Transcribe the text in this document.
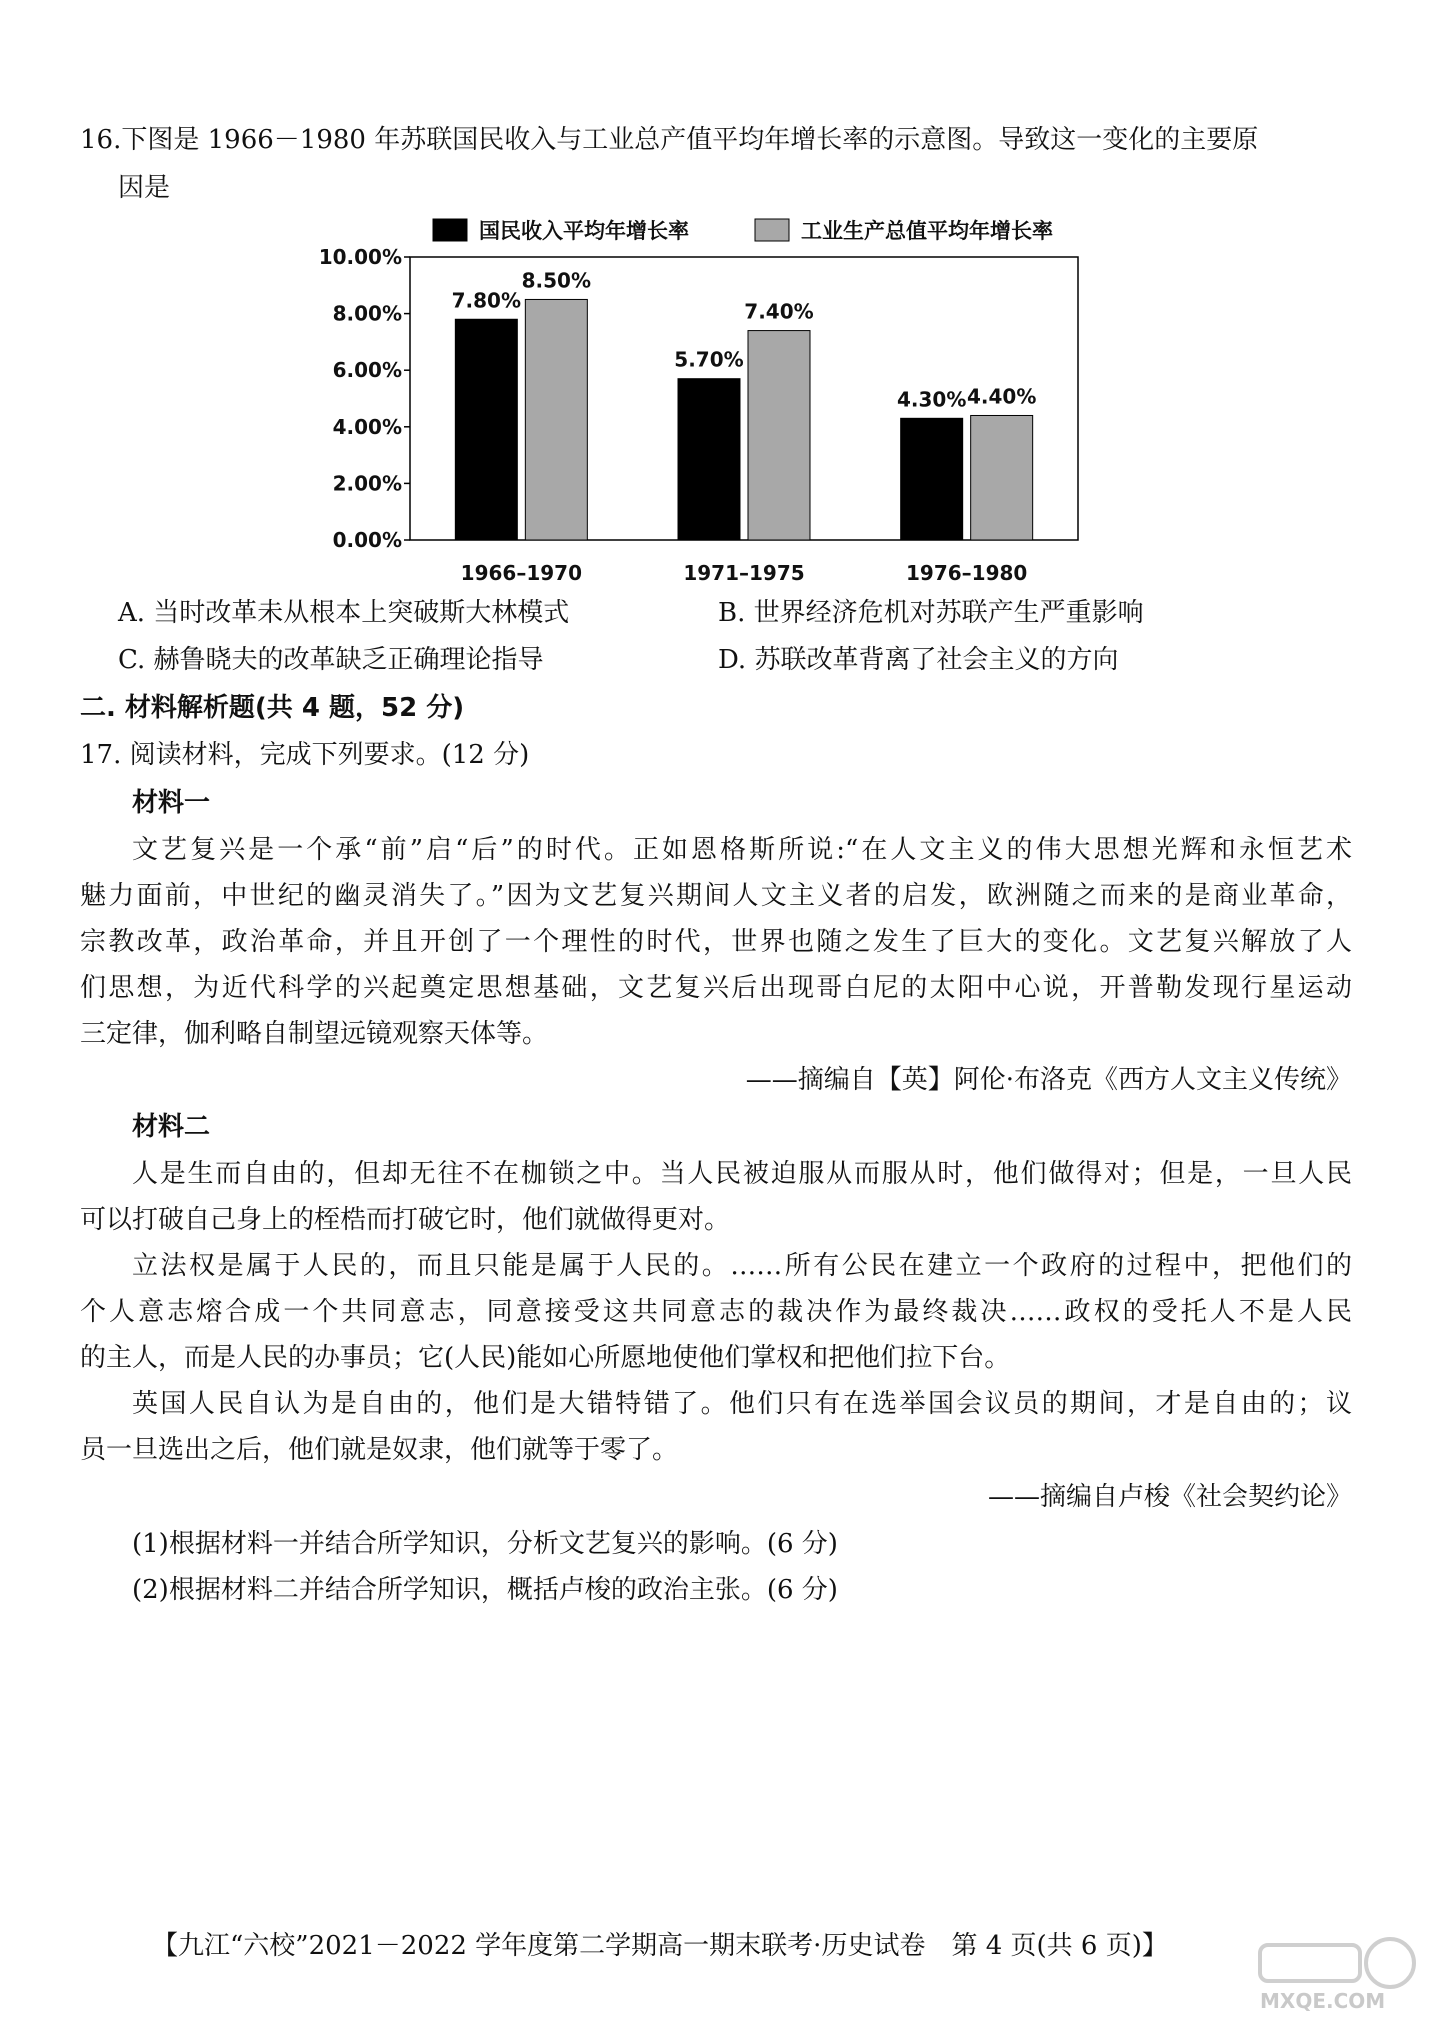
16.下图是 1966－1980 年苏联国民收入与工业总产值平均年增长率的示意图。导致这一变化的主要原
因是
国民收入平均年增长率	工业生产总值平均年增长率
0.00%
2.00%
4.00%
6.00%
8.00%
10.00%
7.80%
8.50%
1966–1970
5.70%
7.40%
1971–1975
4.30% 4.40%
1976–1980
A. 当时改革未从根本上突破斯大林模式	B. 世界经济危机对苏联产生严重影响
C. 赫鲁晓夫的改革缺乏正确理论指导	D. 苏联改革背离了社会主义的方向
二. 材料解析题(共 4 题，52 分)
17. 阅读材料，完成下列要求。(12 分)
材料一
文艺复兴是一个承“前”启“后”的时代。正如恩格斯所说:“在人文主义的伟大思想光辉和永恒艺术
魅力面前，中世纪的幽灵消失了。”因为文艺复兴期间人文主义者的启发，欧洲随之而来的是商业革命，
宗教改革，政治革命，并且开创了一个理性的时代，世界也随之发生了巨大的变化。文艺复兴解放了人
们思想，为近代科学的兴起奠定思想基础，文艺复兴后出现哥白尼的太阳中心说，开普勒发现行星运动
三定律，伽利略自制望远镜观察天体等。
——摘编自【英】阿伦·布洛克《西方人文主义传统》
材料二
人是生而自由的，但却无往不在枷锁之中。当人民被迫服从而服从时，他们做得对；但是，一旦人民
可以打破自己身上的桎梏而打破它时，他们就做得更对。
立法权是属于人民的，而且只能是属于人民的。……所有公民在建立一个政府的过程中，把他们的
个人意志熔合成一个共同意志，同意接受这共同意志的裁决作为最终裁决……政权的受托人不是人民
的主人，而是人民的办事员；它(人民)能如心所愿地使他们掌权和把他们拉下台。
英国人民自认为是自由的，他们是大错特错了。他们只有在选举国会议员的期间，才是自由的；议
员一旦选出之后，他们就是奴隶，他们就等于零了。
——摘编自卢梭《社会契约论》
(1)根据材料一并结合所学知识，分析文艺复兴的影响。(6 分)
(2)根据材料二并结合所学知识，概括卢梭的政治主张。(6 分)
【九江“六校”2021－2022 学年度第二学期高一期末联考·历史试卷　第 4 页(共 6 页)】
MXQE.COM
